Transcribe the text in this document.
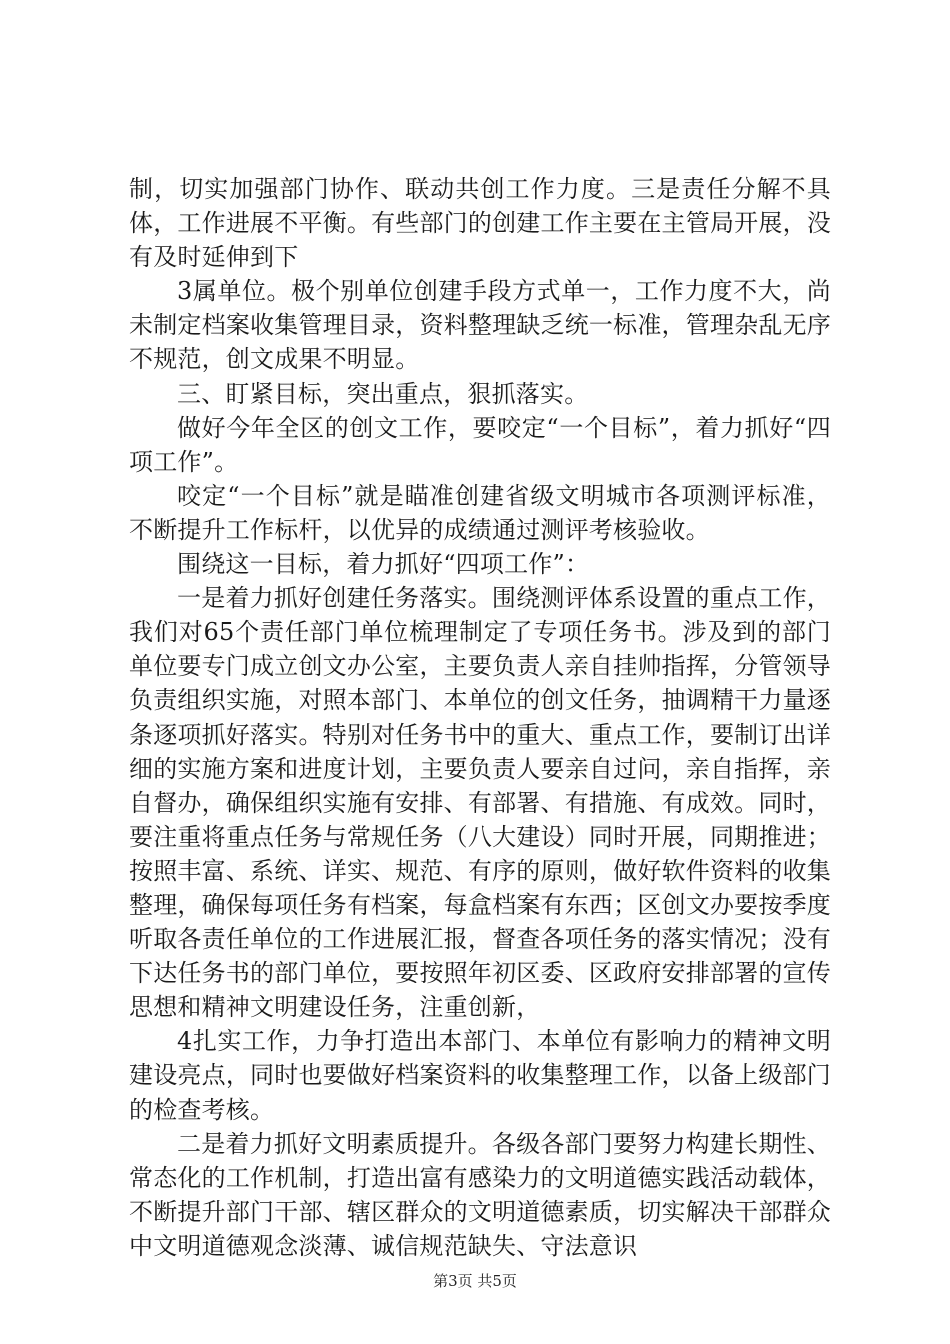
制，切实加强部门协作、联动共创工作力度。三是责任分解不具体，工作进展不平衡。有些部门的创建工作主要在主管局开展，没有及时延伸到下

3属单位。极个别单位创建手段方式单一，工作力度不大，尚未制定档案收集管理目录，资料整理缺乏统一标准，管理杂乱无序不规范，创文成果不明显。

三、盯紧目标，突出重点，狠抓落实。

做好今年全区的创文工作，要咬定“一个目标”，着力抓好“四项工作”。

咬定“一个目标”就是瞄准创建省级文明城市各项测评标准，不断提升工作标杆，以优异的成绩通过测评考核验收。

围绕这一目标，着力抓好“四项工作”：

一是着力抓好创建任务落实。围绕测评体系设置的重点工作，我们对65个责任部门单位梳理制定了专项任务书。涉及到的部门单位要专门成立创文办公室，主要负责人亲自挂帅指挥，分管领导负责组织实施，对照本部门、本单位的创文任务，抽调精干力量逐条逐项抓好落实。特别对任务书中的重大、重点工作，要制订出详细的实施方案和进度计划，主要负责人要亲自过问，亲自指挥，亲自督办，确保组织实施有安排、有部署、有措施、有成效。同时，要注重将重点任务与常规任务（八大建设）同时开展，同期推进；按照丰富、系统、详实、规范、有序的原则，做好软件资料的收集整理，确保每项任务有档案，每盒档案有东西；区创文办要按季度听取各责任单位的工作进展汇报，督查各项任务的落实情况；没有下达任务书的部门单位，要按照年初区委、区政府安排部署的宣传思想和精神文明建设任务，注重创新，

4扎实工作，力争打造出本部门、本单位有影响力的精神文明建设亮点，同时也要做好档案资料的收集整理工作，以备上级部门的检查考核。

二是着力抓好文明素质提升。各级各部门要努力构建长期性、常态化的工作机制，打造出富有感染力的文明道德实践活动载体，不断提升部门干部、辖区群众的文明道德素质，切实解决干部群众中文明道德观念淡薄、诚信规范缺失、守法意识

第3页 共5页
